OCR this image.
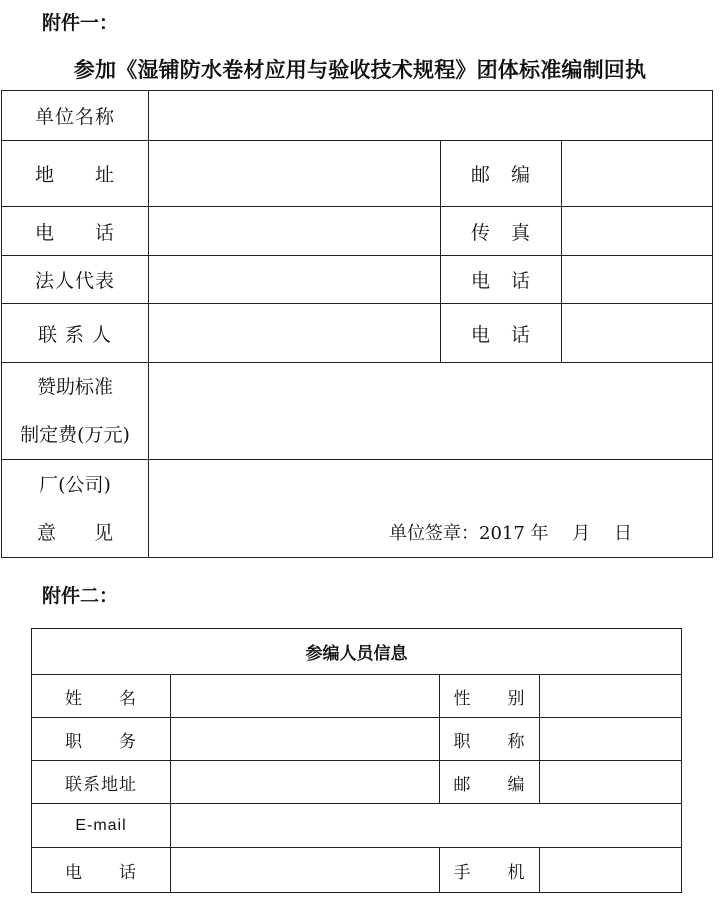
附件一：
参加《湿铺防水卷材应用与验收技术规程》团体标准编制回执
单位名称			
地　　址		邮　编	
电　　话		传　真	
法人代表		电　话	
联 系 人		电　话	

赞助标准
制定费(万元)			

厂(公司)
意　　见	单位签章：2017 年　 月　 日		
附件二：
参编人员信息			
姓　　名		性　　别	
职　　务		职　　称	
联系地址		邮　　编	
E-mail			
电　　话		手　　机	
